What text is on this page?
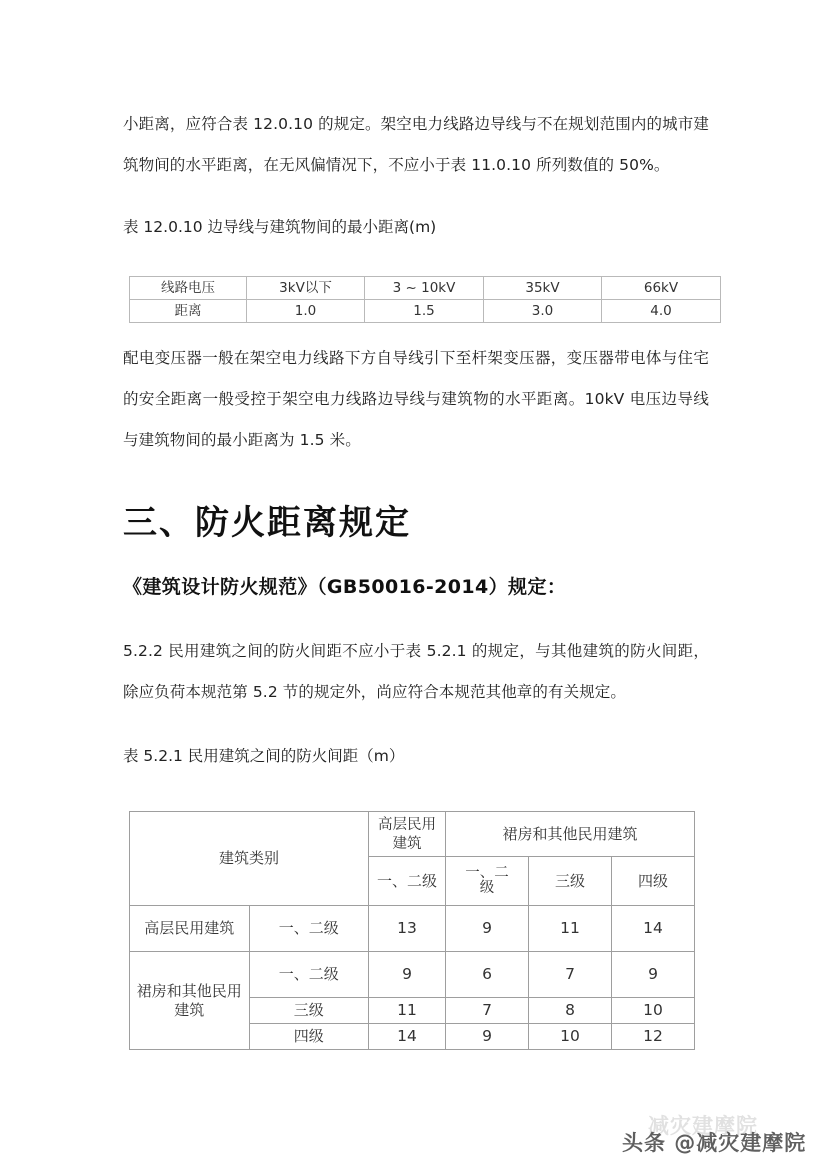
小距离，应符合表 12.0.10 的规定。架空电力线路边导线与不在规划范围内的城市建筑物间的水平距离，在无风偏情况下，不应小于表 11.0.10 所列数值的 50%。
表 12.0.10 边导线与建筑物间的最小距离(m)
线路电压	3kV以下	3 ~ 10kV	35kV	66kV
距离	1.0	1.5	3.0	4.0
配电变压器一般在架空电力线路下方自导线引下至杆架变压器，变压器带电体与住宅的安全距离一般受控于架空电力线路边导线与建筑物的水平距离。10kV 电压边导线与建筑物间的最小距离为 1.5 米。
三、防火距离规定
《建筑设计防火规范》（GB50016-2014）规定：
5.2.2 民用建筑之间的防火间距不应小于表 5.2.1 的规定，与其他建筑的防火间距，除应负荷本规范第 5.2 节的规定外，尚应符合本规范其他章的有关规定。
表 5.2.1 民用建筑之间的防火间距（m）
建筑类别		高层民用建筑	裙房和其他民用建筑		
		一、二级	一、二
级	三级	四级
高层民用建筑	一、二级	13	9	11	14
裙房和其他民用建筑	一、二级	9	6	7	9
	三级	11	7	8	10
	四级	14	9	10	12
减灾建摩院
头条 @减灾建摩院
